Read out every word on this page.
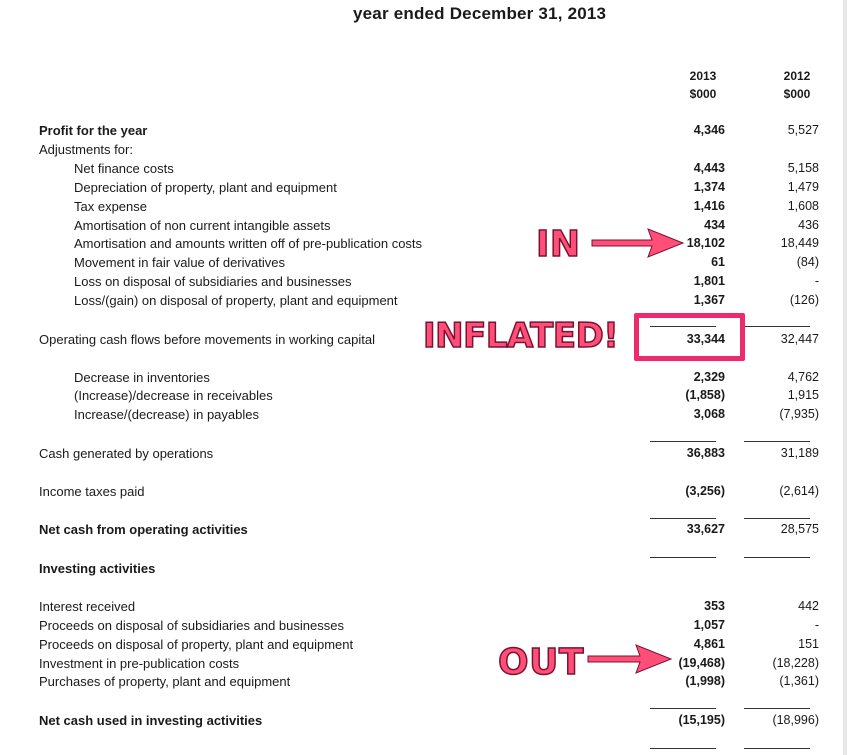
year ended December 31, 2013
2013
$000
2012
$000
Profit for the year	4,346	5,527
Adjustments for:
Net finance costs	4,443	5,158
Depreciation of property, plant and equipment	1,374	1,479
Tax expense	1,416	1,608
Amortisation of non current intangible assets	434	436
Amortisation and amounts written off of pre-publication costs	18,102	18,449
Movement in fair value of derivatives	61	(84)
Loss on disposal of subsidiaries and businesses	1,801	-
Loss/(gain) on disposal of property, plant and equipment	1,367	(126)
Operating cash flows before movements in working capital	33,344	32,447
Decrease in inventories	2,329	4,762
(Increase)/decrease in receivables	(1,858)	1,915
Increase/(decrease) in payables	3,068	(7,935)
Cash generated by operations	36,883	31,189
Income taxes paid	(3,256)	(2,614)
Net cash from operating activities	33,627	28,575
Investing activities
Interest received	353	442
Proceeds on disposal of subsidiaries and businesses	1,057	-
Proceeds on disposal of property, plant and equipment	4,861	151
Investment in pre-publication costs	(19,468)	(18,228)
Purchases of property, plant and equipment	(1,998)	(1,361)
Net cash used in investing activities	(15,195)	(18,996)
IN
INFLATED!
OUT
